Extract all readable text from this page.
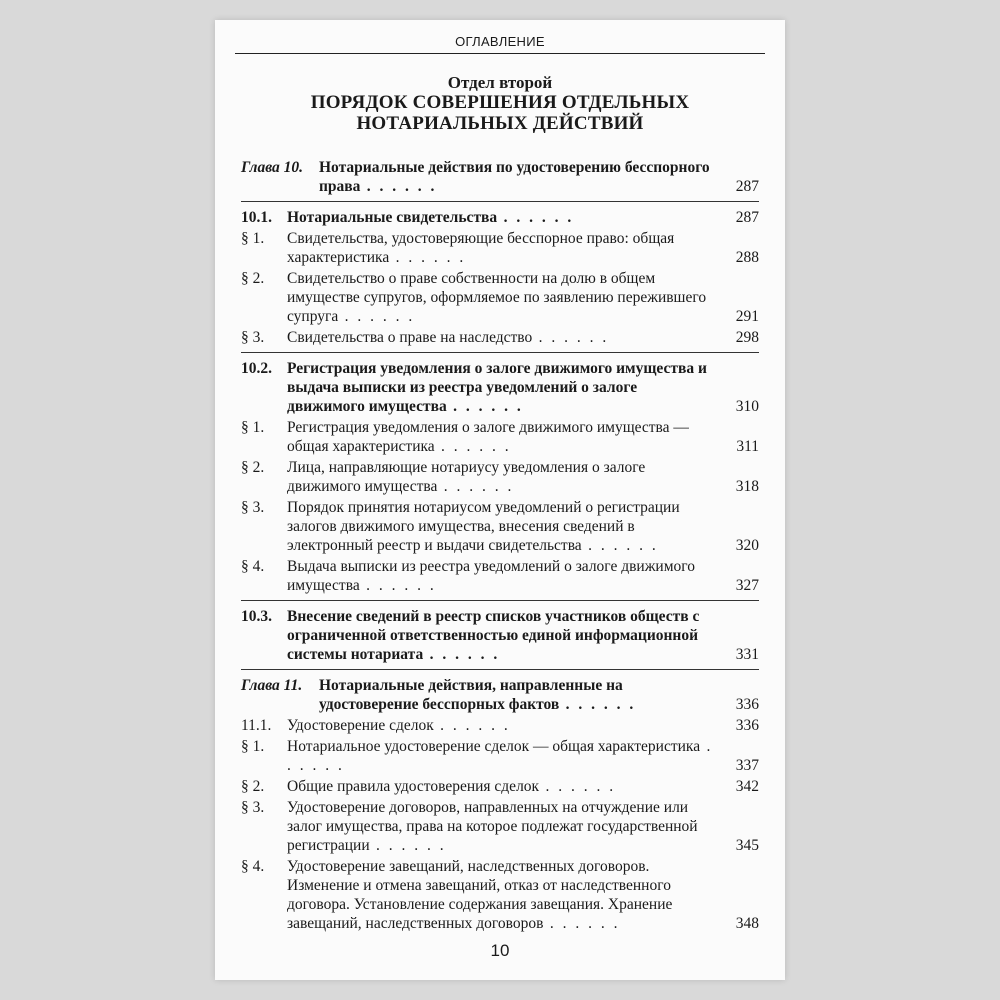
ОГЛАВЛЕНИЕ
Отдел второй
ПОРЯДОК СОВЕРШЕНИЯ ОТДЕЛЬНЫХ
НОТАРИАЛЬНЫХ ДЕЙСТВИЙ
Глава 10. Нотариальные действия по удостоверению бесспорного права . . . . . .	287
10.1. Нотариальные свидетельства . . . . . .	287
§ 1. Свидетельства, удостоверяющие бесспорное право: общая характеристика . . . . . .	288
§ 2. Свидетельство о праве собственности на долю в общем имуществе супругов, оформляемое по заявлению пережившего супруга . . . . . .	291
§ 3. Свидетельства о праве на наследство . . . . . .	298
10.2. Регистрация уведомления о залоге движимого имущества и выдача выписки из реестра уведомлений о залоге движимого имущества . . . . . .	310
§ 1. Регистрация уведомления о залоге движимого имущества — общая характеристика . . . . . .	311
§ 2. Лица, направляющие нотариусу уведомления о залоге движимого имущества . . . . . .	318
§ 3. Порядок принятия нотариусом уведомлений о регистрации залогов движимого имущества, внесения сведений в электронный реестр и выдачи свидетельства . . . . . .	320
§ 4. Выдача выписки из реестра уведомлений о залоге движимого имущества . . . . . .	327
10.3. Внесение сведений в реестр списков участников обществ с ограниченной ответственностью единой информационной системы нотариата . . . . . .	331
Глава 11. Нотариальные действия, направленные на удостоверение бесспорных фактов . . . . . .	336
11.1. Удостоверение сделок . . . . . .	336
§ 1. Нотариальное удостоверение сделок — общая характеристика . . . . . .	337
§ 2. Общие правила удостоверения сделок . . . . . .	342
§ 3. Удостоверение договоров, направленных на отчуждение или залог имущества, права на которое подлежат государственной регистрации . . . . . .	345
§ 4. Удостоверение завещаний, наследственных договоров. Изменение и отмена завещаний, отказ от наследственного договора. Установление содержания завещания. Хранение завещаний, наследственных договоров . . . . . .	348
10
